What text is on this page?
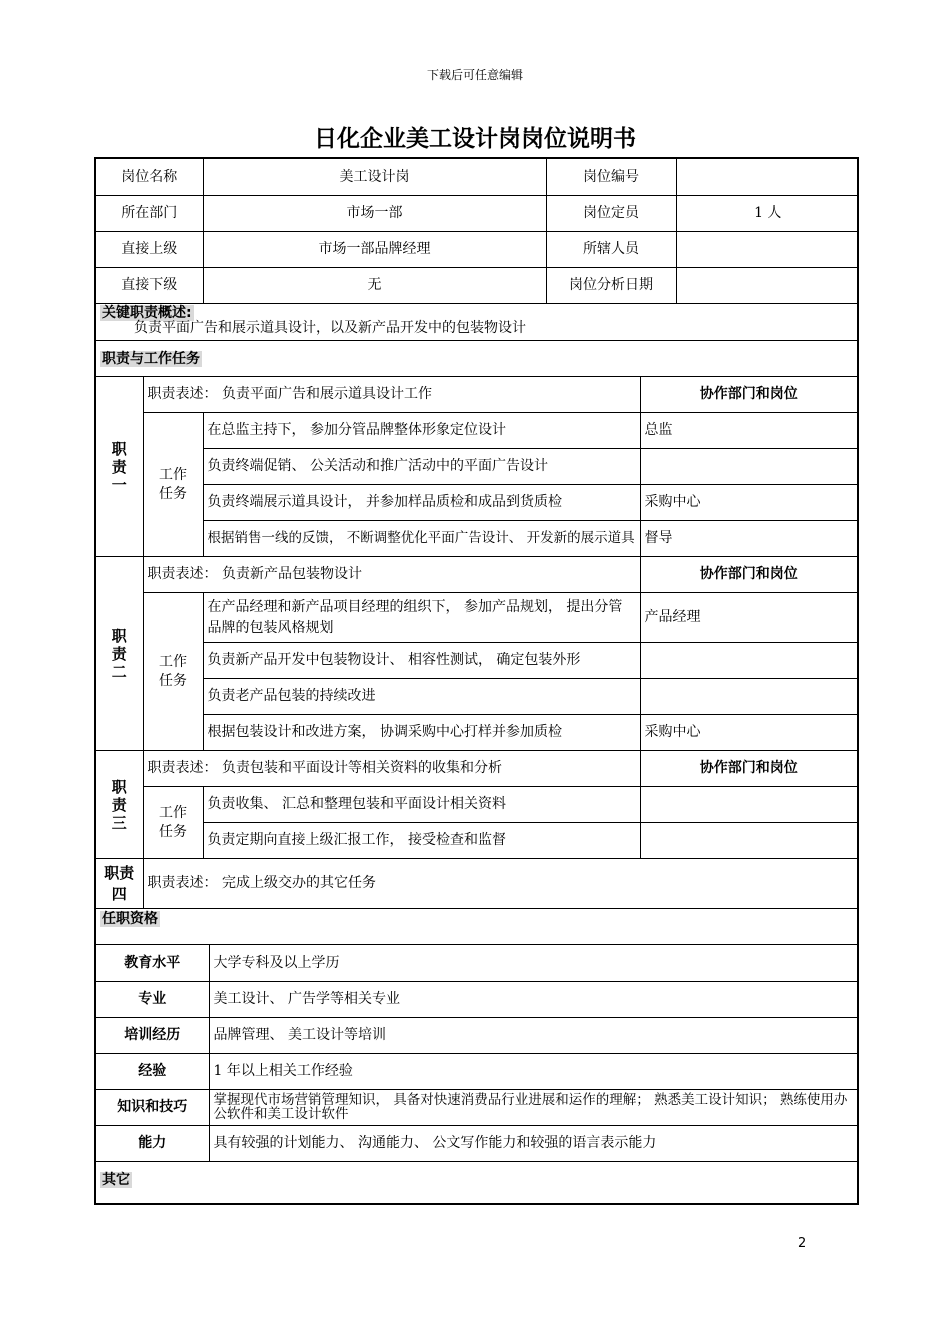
下载后可任意编辑
日化企业美工设计岗岗位说明书
岗位名称	美工设计岗	岗位编号	
所在部门	市场一部	岗位定员	1 人
直接上级	市场一部品牌经理	所辖人员	
直接下级	无	岗位分析日期	

关键职责概述:
负责平面广告和展示道具设计，以及新产品开发中的包装物设计

职责与工作任务
职责一	职责表述： 负责平面广告和展示道具设计工作	协作部门和岗位
工作任务	在总监主持下， 参加分管品牌整体形象定位设计	总监
负责终端促销、 公关活动和推广活动中的平面广告设计	
负责终端展示道具设计， 并参加样品质检和成品到货质检	采购中心
根据销售一线的反馈， 不断调整优化平面广告设计、 开发新的展示道具	督导
职责二	职责表述： 负责新产品包装物设计	协作部门和岗位
工作任务	在产品经理和新产品项目经理的组织下， 参加产品规划， 提出分管品牌的包装风格规划	产品经理
负责新产品开发中包装物设计、 相容性测试， 确定包装外形	
负责老产品包装的持续改进	
根据包装设计和改进方案， 协调采购中心打样并参加质检	采购中心
职责三	职责表述： 负责包装和平面设计等相关资料的收集和分析	协作部门和岗位
工作任务	负责收集、 汇总和整理包装和平面设计相关资料	
负责定期向直接上级汇报工作， 接受检查和监督	
职责四	职责表述： 完成上级交办的其它任务
任职资格

教育水平	大学专科及以上学历
专业	美工设计、 广告学等相关专业
培训经历	品牌管理、 美工设计等培训
经验	1 年以上相关工作经验
知识和技巧	掌握现代市场营销管理知识， 具备对快速消费品行业进展和运作的理解； 熟悉美工设计知识； 熟练使用办公软件和美工设计软件
能力	具有较强的计划能力、 沟通能力、 公文写作能力和较强的语言表示能力

其它
2
